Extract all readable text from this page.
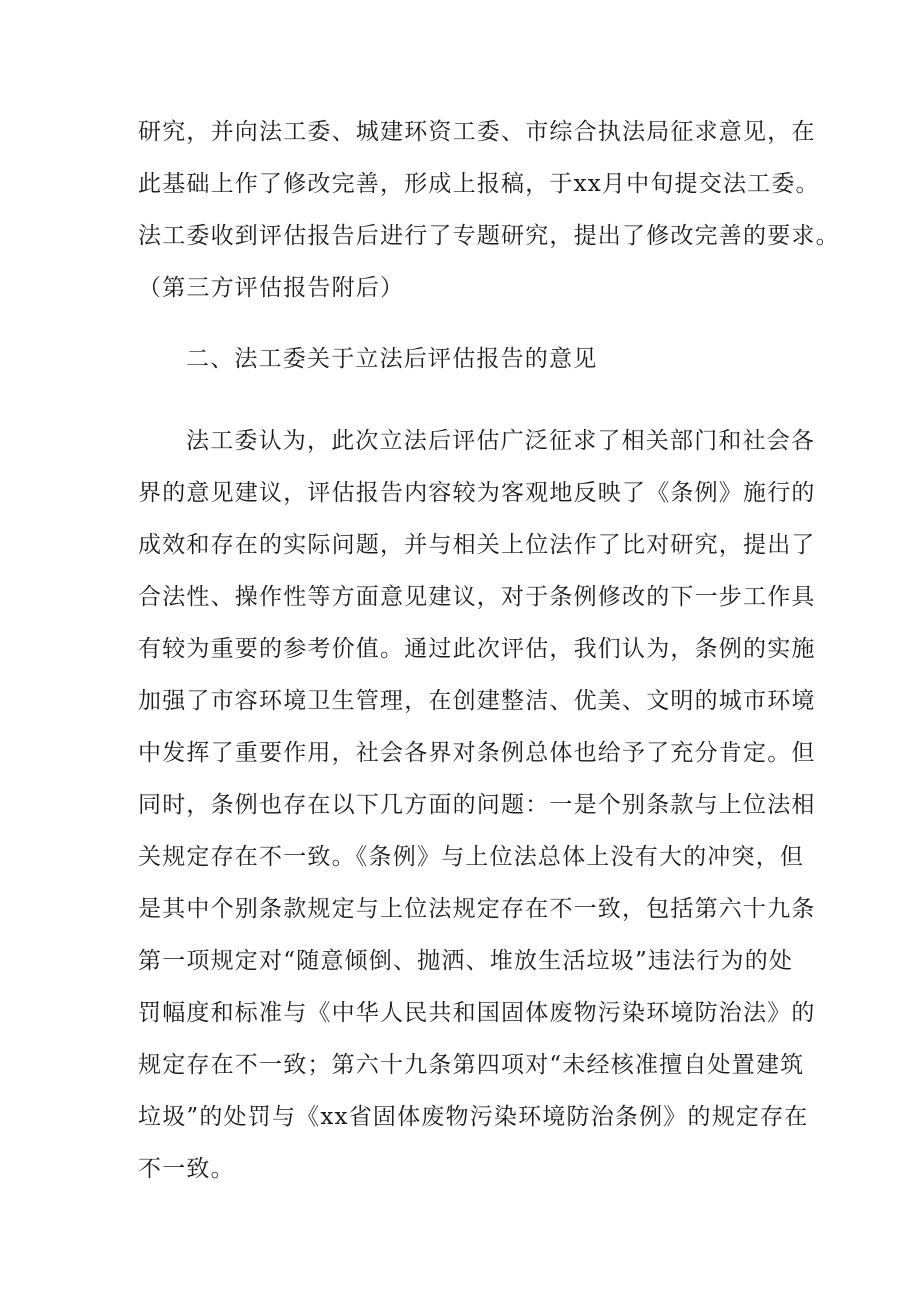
研究，并向法工委、城建环资工委、市综合执法局征求意见，在
此基础上作了修改完善，形成上报稿，于xx月中旬提交法工委。
法工委收到评估报告后进行了专题研究，提出了修改完善的要求。
（第三方评估报告附后）
二、法工委关于立法后评估报告的意见
法工委认为，此次立法后评估广泛征求了相关部门和社会各
界的意见建议，评估报告内容较为客观地反映了《条例》施行的
成效和存在的实际问题，并与相关上位法作了比对研究，提出了
合法性、操作性等方面意见建议，对于条例修改的下一步工作具
有较为重要的参考价值。通过此次评估，我们认为，条例的实施
加强了市容环境卫生管理，在创建整洁、优美、文明的城市环境
中发挥了重要作用，社会各界对条例总体也给予了充分肯定。但
同时，条例也存在以下几方面的问题：一是个别条款与上位法相
关规定存在不一致。《条例》与上位法总体上没有大的冲突，但
是其中个别条款规定与上位法规定存在不一致，包括第六十九条
第一项规定对“随意倾倒、抛洒、堆放生活垃圾”违法行为的处
罚幅度和标准与《中华人民共和国固体废物污染环境防治法》的
规定存在不一致；第六十九条第四项对“未经核准擅自处置建筑
垃圾”的处罚与《xx省固体废物污染环境防治条例》的规定存在
不一致。
